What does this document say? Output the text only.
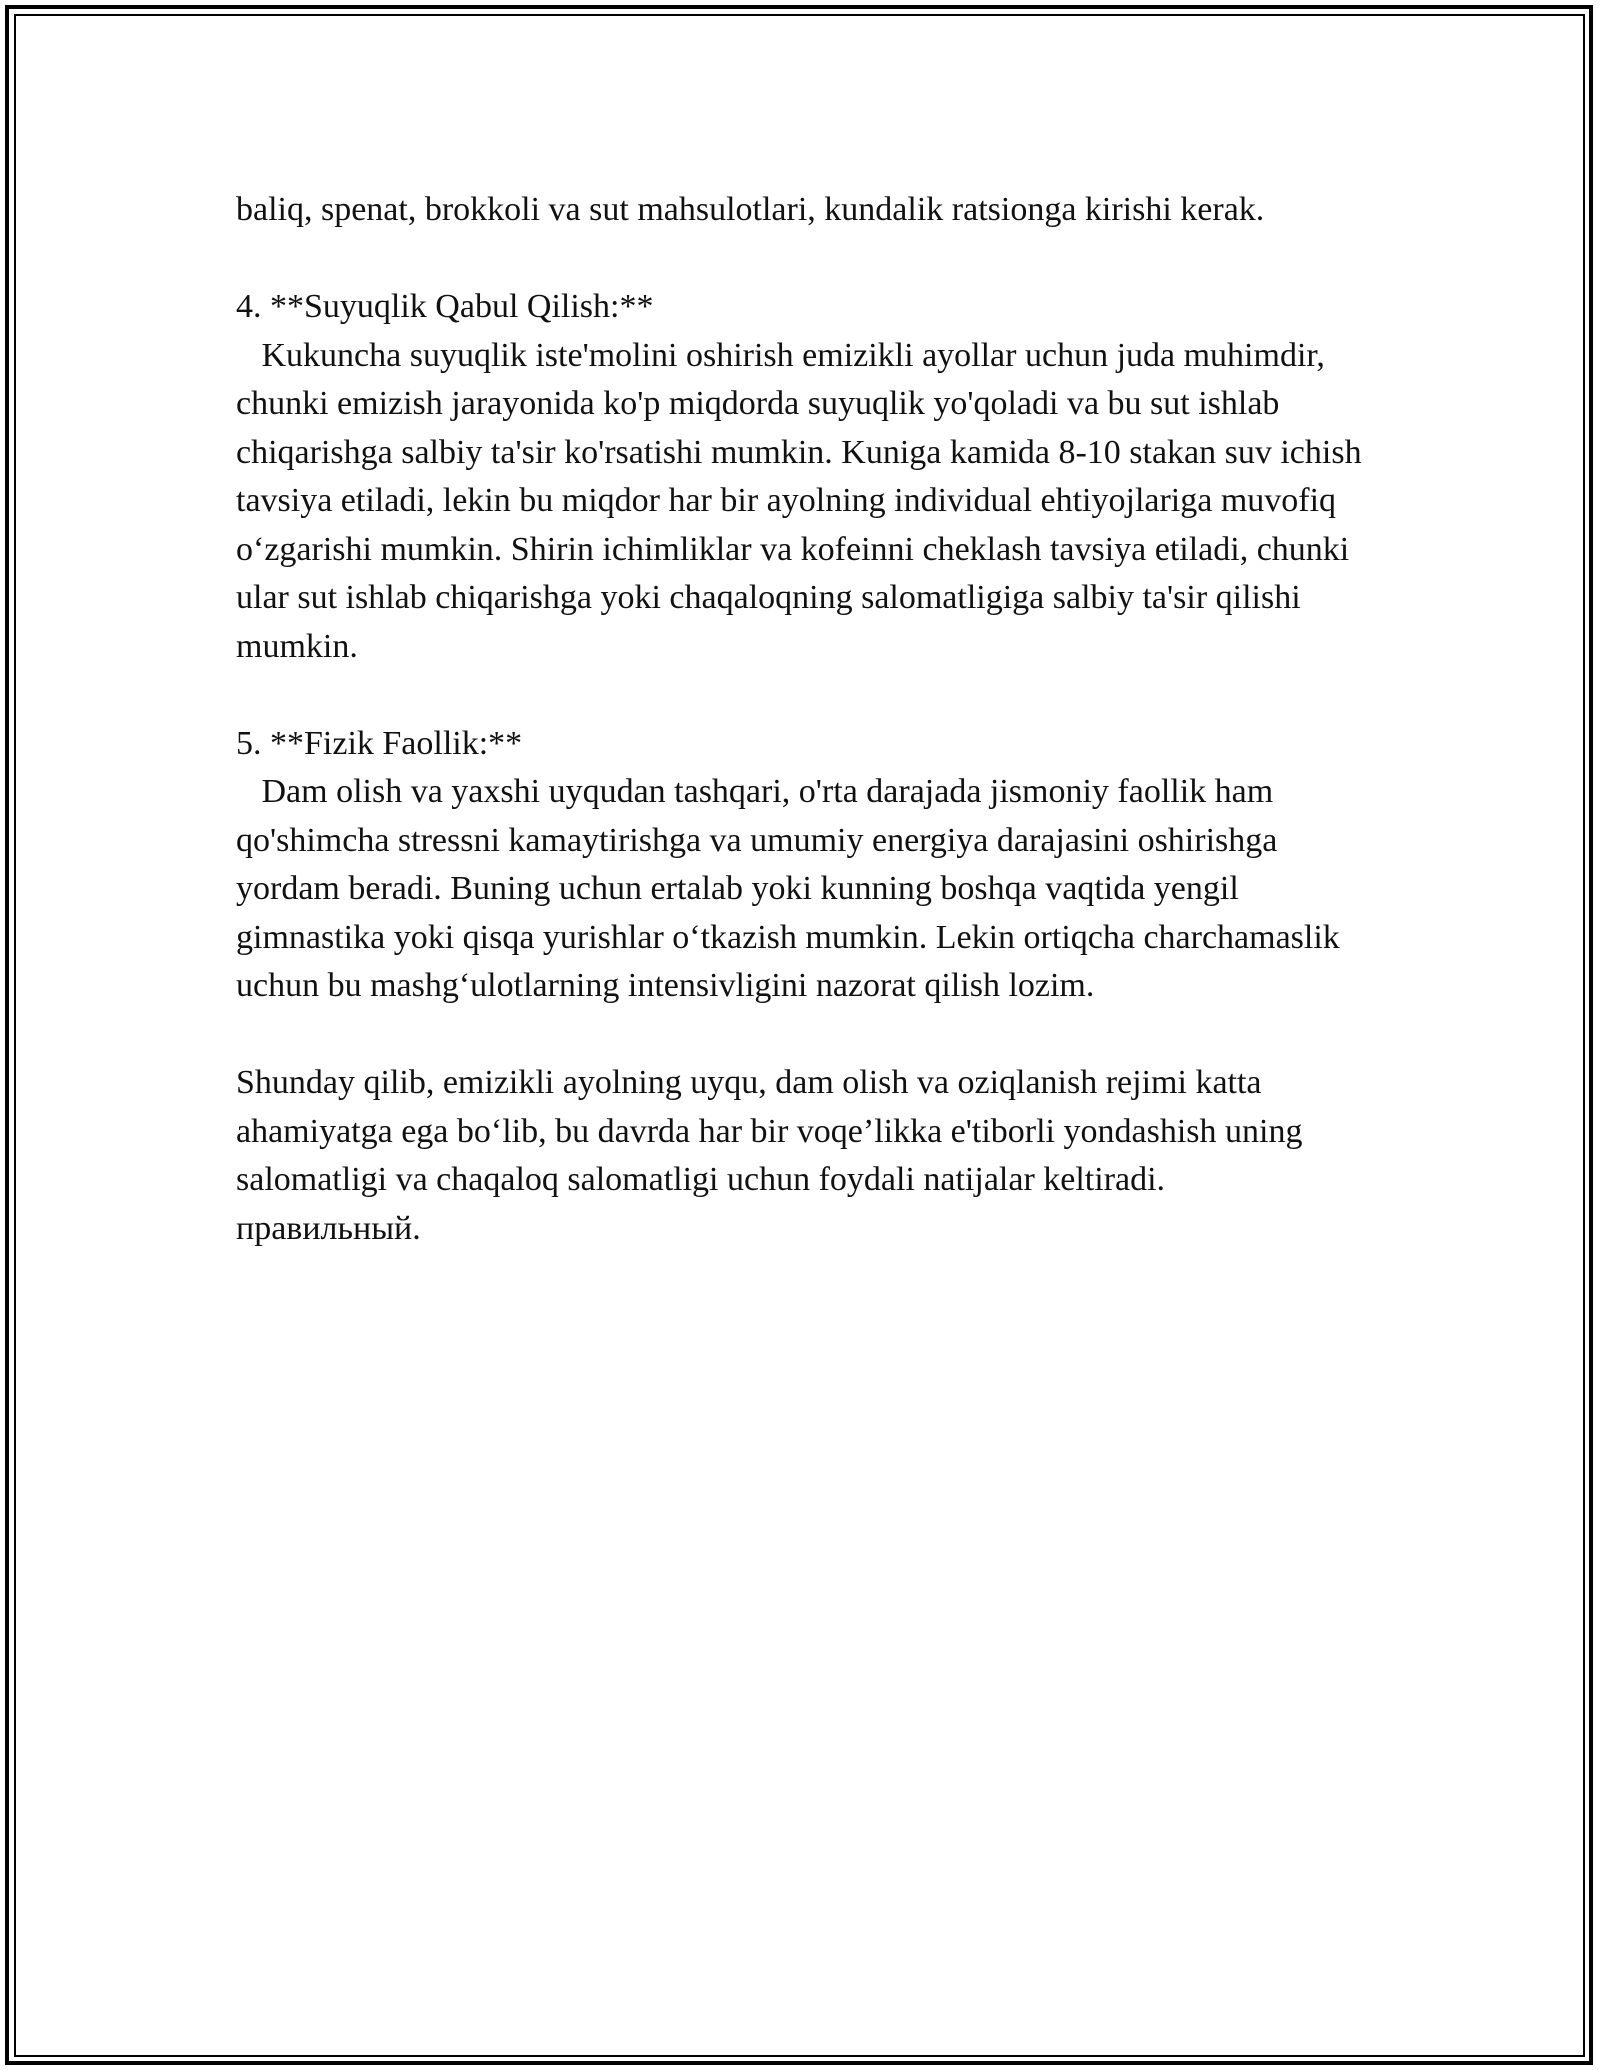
baliq, spenat, brokkoli va sut mahsulotlari, kundalik ratsionga kirishi kerak.

4. **Suyuqlik Qabul Qilish:**

Kukuncha suyuqlik iste'molini oshirish emizikli ayollar uchun juda muhimdir, chunki emizish jarayonida ko'p miqdorda suyuqlik yo'qoladi va bu sut ishlab chiqarishga salbiy ta'sir ko'rsatishi mumkin. Kuniga kamida 8-10 stakan suv ichish tavsiya etiladi, lekin bu miqdor har bir ayolning individual ehtiyojlariga muvofiq o‘zgarishi mumkin. Shirin ichimliklar va kofeinni cheklash tavsiya etiladi, chunki ular sut ishlab chiqarishga yoki chaqaloqning salomatligiga salbiy ta'sir qilishi mumkin.

5. **Fizik Faollik:**

Dam olish va yaxshi uyqudan tashqari, o'rta darajada jismoniy faollik ham qo'shimcha stressni kamaytirishga va umumiy energiya darajasini oshirishga yordam beradi. Buning uchun ertalab yoki kunning boshqa vaqtida yengil gimnastika yoki qisqa yurishlar o‘tkazish mumkin. Lekin ortiqcha charchamaslik uchun bu mashg‘ulotlarning intensivligini nazorat qilish lozim.

Shunday qilib, emizikli ayolning uyqu, dam olish va oziqlanish rejimi katta ahamiyatga ega bo‘lib, bu davrda har bir voqe’likka e'tiborli yondashish uning salomatligi va chaqaloq salomatligi uchun foydali natijalar keltiradi.

правильный.
